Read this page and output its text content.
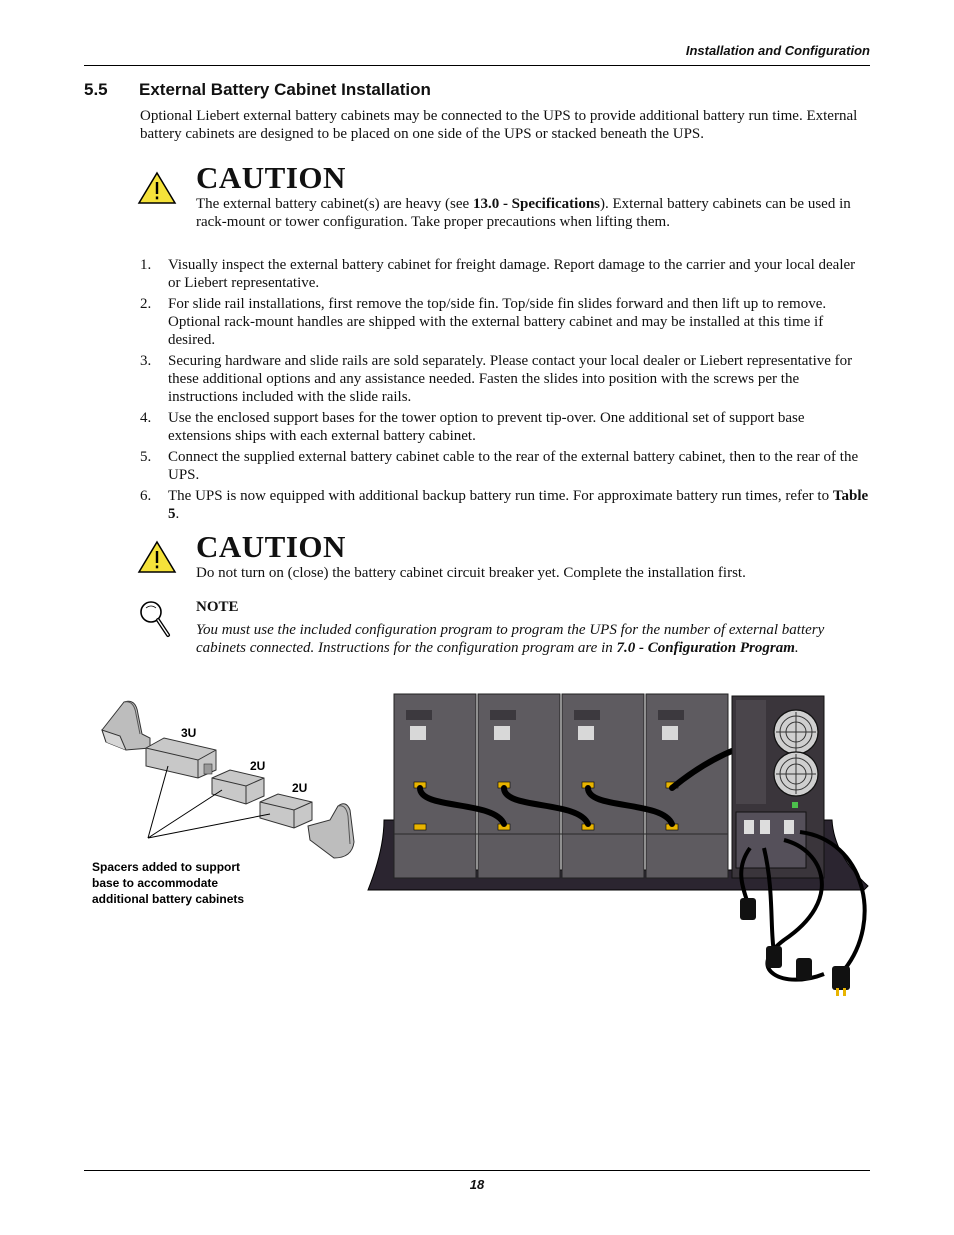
Installation and Configuration
5.5 External Battery Cabinet Installation
Optional Liebert external battery cabinets may be connected to the UPS to provide additional battery run time. External battery cabinets are designed to be placed on one side of the UPS or stacked beneath the UPS.
CAUTION
The external battery cabinet(s) are heavy (see 13.0 - Specifications). External battery cabinets can be used in rack-mount or tower configuration. Take proper precautions when lifting them.
1. Visually inspect the external battery cabinet for freight damage. Report damage to the carrier and your local dealer or Liebert representative.
2. For slide rail installations, first remove the top/side fin. Top/side fin slides forward and then lift up to remove. Optional rack-mount handles are shipped with the external battery cabinet and may be installed at this time if desired.
3. Securing hardware and slide rails are sold separately. Please contact your local dealer or Liebert representative for these additional options and any assistance needed. Fasten the slides into position with the screws per the instructions included with the slide rails.
4. Use the enclosed support bases for the tower option to prevent tip-over. One additional set of support base extensions ships with each external battery cabinet.
5. Connect the supplied external battery cabinet cable to the rear of the external battery cabinet, then to the rear of the UPS.
6. The UPS is now equipped with additional backup battery run time. For approximate battery run times, refer to Table 5.
CAUTION
Do not turn on (close) the battery cabinet circuit breaker yet. Complete the installation first.
NOTE
You must use the included configuration program to program the UPS for the number of external battery cabinets connected. Instructions for the configuration program are in 7.0 - Configuration Program.
3U
2U
2U
Spacers added to support
base to accommodate
additional battery cabinets
18
